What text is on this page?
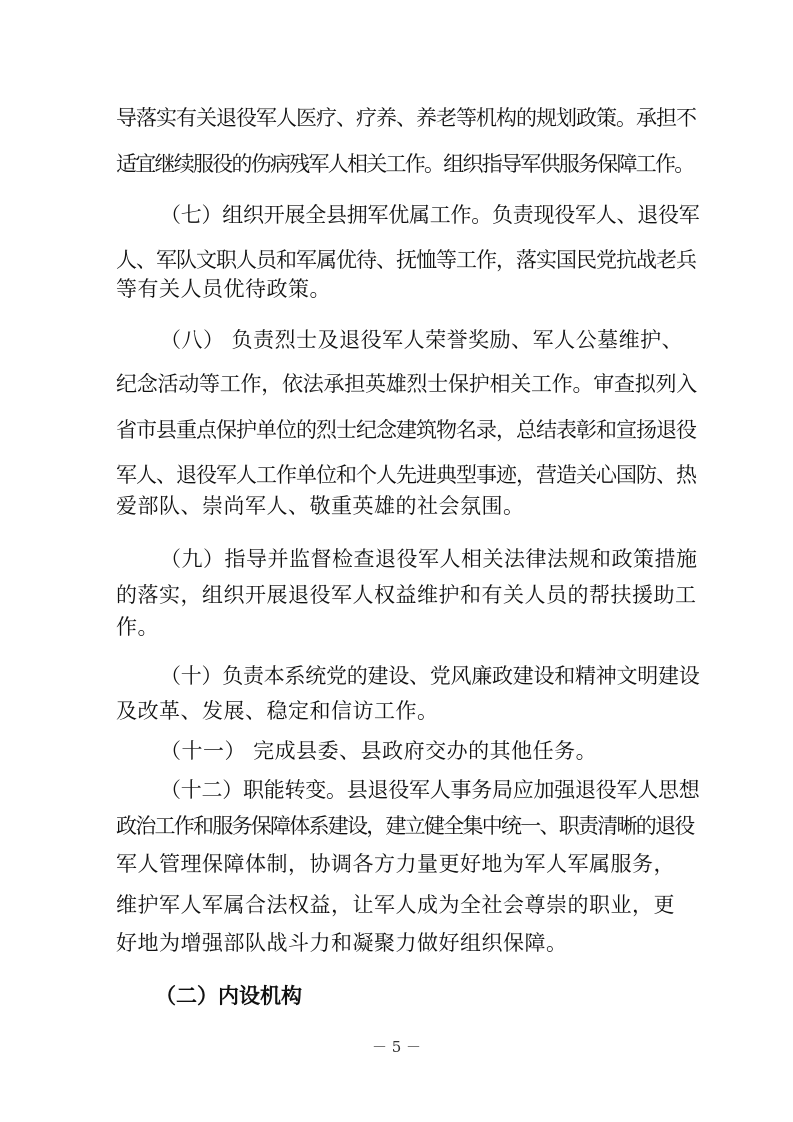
导落实有关退役军人医疗、疗养、养老等机构的规划政策。承担不
适宜继续服役的伤病残军人相关工作。组织指导军供服务保障工作。
（七）组织开展全县拥军优属工作。负责现役军人、退役军
人、军队文职人员和军属优待、抚恤等工作，落实国民党抗战老兵
等有关人员优待政策。
（八） 负责烈士及退役军人荣誉奖励、军人公墓维护、
纪念活动等工作，依法承担英雄烈士保护相关工作。审查拟列入
省市县重点保护单位的烈士纪念建筑物名录，总结表彰和宣扬退役
军人、退役军人工作单位和个人先进典型事迹，营造关心国防、热
爱部队、崇尚军人、敬重英雄的社会氛围。
（九）指导并监督检查退役军人相关法律法规和政策措施
的落实，组织开展退役军人权益维护和有关人员的帮扶援助工
作。
（十）负责本系统党的建设、党风廉政建设和精神文明建设
及改革、发展、稳定和信访工作。
（十一） 完成县委、县政府交办的其他任务。
（十二）职能转变。县退役军人事务局应加强退役军人思想
政治工作和服务保障体系建设，建立健全集中统一、职责清晰的退役
军人管理保障体制，协调各方力量更好地为军人军属服务，
维护军人军属合法权益，让军人成为全社会尊崇的职业，更
好地为增强部队战斗力和凝聚力做好组织保障。
（二）内设机构
－ 5 －
